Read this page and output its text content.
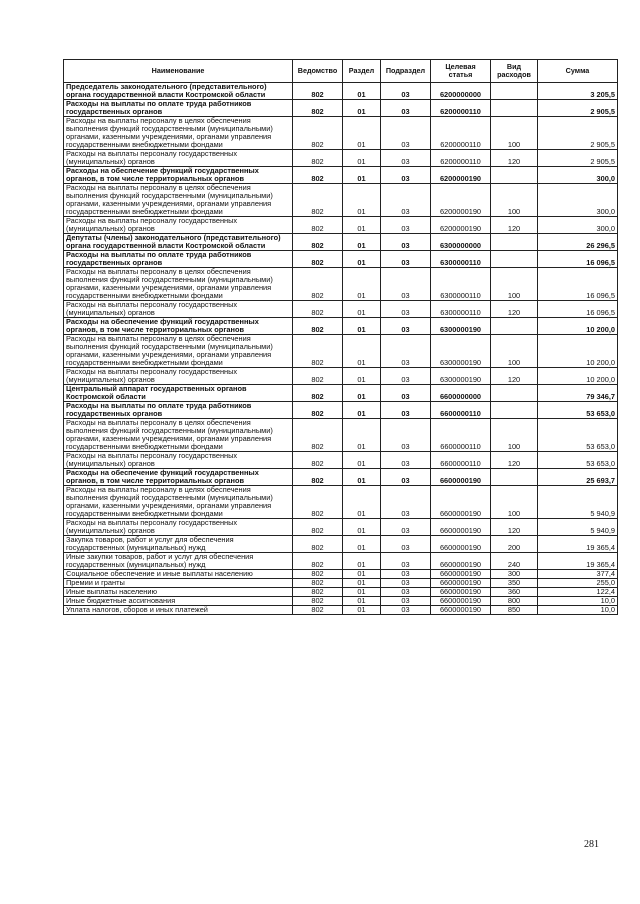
Наименование	Ведомство	Раздел	Подраздел	Целевая статья	Вид расходов	Сумма
Председатель законодательного (представительного) органа государственной власти Костромской области	802	01	03	6200000000		3 205,5
Расходы на выплаты по оплате труда работников государственных органов	802	01	03	6200000110		2 905,5
Расходы на выплаты персоналу в целях обеспечения выполнения функций государственными (муниципальными) органами, казенными учреждениями, органами управления государственными внебюджетными фондами	802	01	03	6200000110	100	2 905,5
Расходы на выплаты персоналу государственных (муниципальных) органов	802	01	03	6200000110	120	2 905,5
Расходы на обеспечение функций государственных органов, в том числе территориальных органов	802	01	03	6200000190		300,0
Расходы на выплаты персоналу в целях обеспечения выполнения функций государственными (муниципальными) органами, казенными учреждениями, органами управления государственными внебюджетными фондами	802	01	03	6200000190	100	300,0
Расходы на выплаты персоналу государственных (муниципальных) органов	802	01	03	6200000190	120	300,0
Депутаты (члены) законодательного (представительного) органа государственной власти Костромской области	802	01	03	6300000000		26 296,5
Расходы на выплаты по оплате труда работников государственных органов	802	01	03	6300000110		16 096,5
Расходы на выплаты персоналу в целях обеспечения выполнения функций государственными (муниципальными) органами, казенными учреждениями, органами управления государственными внебюджетными фондами	802	01	03	6300000110	100	16 096,5
Расходы на выплаты персоналу государственных (муниципальных) органов	802	01	03	6300000110	120	16 096,5
Расходы на обеспечение функций государственных органов, в том числе территориальных органов	802	01	03	6300000190		10 200,0
Расходы на выплаты персоналу в целях обеспечения выполнения функций государственными (муниципальными) органами, казенными учреждениями, органами управления государственными внебюджетными фондами	802	01	03	6300000190	100	10 200,0
Расходы на выплаты персоналу государственных (муниципальных) органов	802	01	03	6300000190	120	10 200,0
Центральный аппарат государственных органов Костромской области	802	01	03	6600000000		79 346,7
Расходы на выплаты по оплате труда работников государственных органов	802	01	03	6600000110		53 653,0
Расходы на выплаты персоналу в целях обеспечения выполнения функций государственными (муниципальными) органами, казенными учреждениями, органами управления государственными внебюджетными фондами	802	01	03	6600000110	100	53 653,0
Расходы на выплаты персоналу государственных (муниципальных) органов	802	01	03	6600000110	120	53 653,0
Расходы на обеспечение функций государственных органов, в том числе территориальных органов	802	01	03	6600000190		25 693,7
Расходы на выплаты персоналу в целях обеспечения выполнения функций государственными (муниципальными) органами, казенными учреждениями, органами управления государственными внебюджетными фондами	802	01	03	6600000190	100	5 940,9
Расходы на выплаты персоналу государственных (муниципальных) органов	802	01	03	6600000190	120	5 940,9
Закупка товаров, работ и услуг для обеспечения государственных (муниципальных) нужд	802	01	03	6600000190	200	19 365,4
Иные закупки товаров, работ и услуг для обеспечения государственных (муниципальных) нужд	802	01	03	6600000190	240	19 365,4
Социальное обеспечение и иные выплаты населению	802	01	03	6600000190	300	377,4
Премии и гранты	802	01	03	6600000190	350	255,0
Иные выплаты населению	802	01	03	6600000190	360	122,4
Иные бюджетные ассигнования	802	01	03	6600000190	800	10,0
Уплата налогов, сборов и иных платежей	802	01	03	6600000190	850	10,0
281
